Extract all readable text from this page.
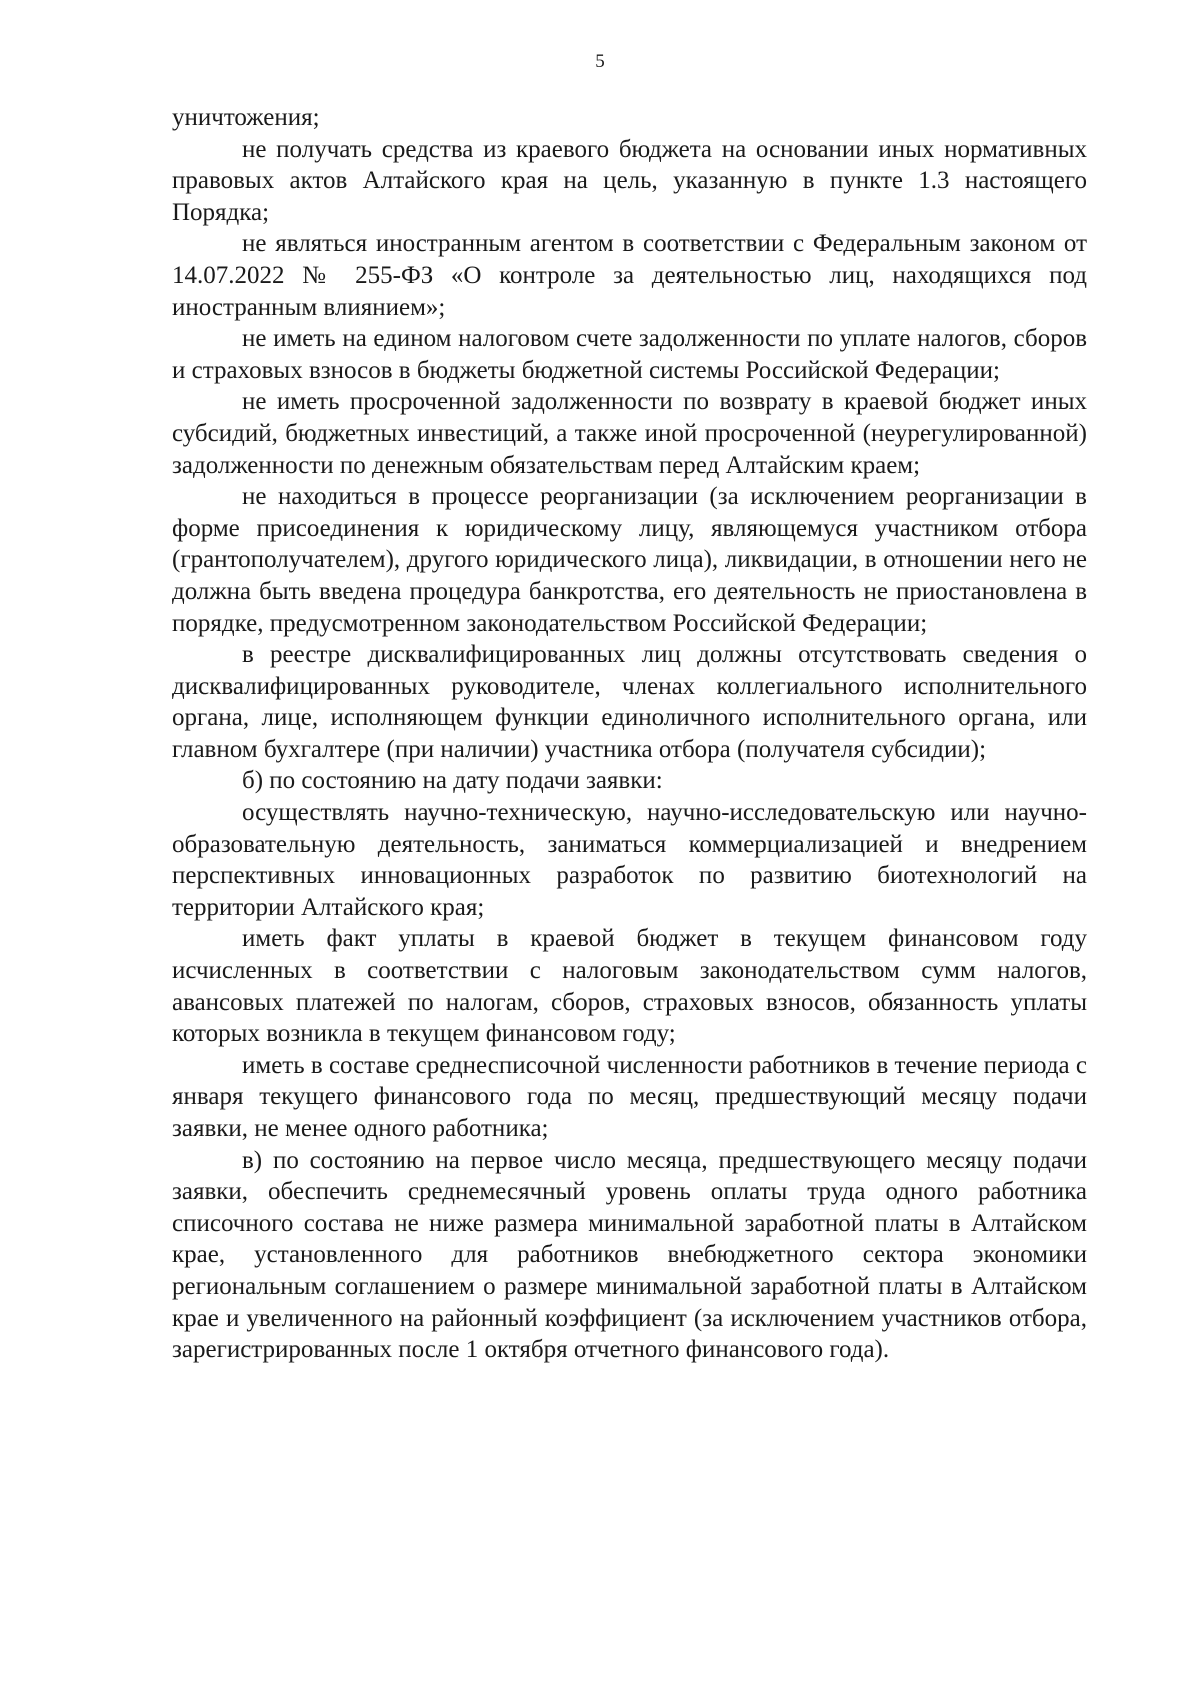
5

уничтожения;

не получать средства из краевого бюджета на основании иных нормативных правовых актов Алтайского края на цель, указанную в пункте 1.3 настоящего Порядка;

не являться иностранным агентом в соответствии с Федеральным законом от 14.07.2022 № 255-ФЗ «О контроле за деятельностью лиц, находящихся под иностранным влиянием»;

не иметь на едином налоговом счете задолженности по уплате налогов, сборов и страховых взносов в бюджеты бюджетной системы Российской Федерации;

не иметь просроченной задолженности по возврату в краевой бюджет иных субсидий, бюджетных инвестиций, а также иной просроченной (неурегулированной) задолженности по денежным обязательствам перед Алтайским краем;

не находиться в процессе реорганизации (за исключением реорганизации в форме присоединения к юридическому лицу, являющемуся участником отбора (грантополучателем), другого юридического лица), ликвидации, в отношении него не должна быть введена процедура банкротства, его деятельность не приостановлена в порядке, предусмотренном законодательством Российской Федерации;

в реестре дисквалифицированных лиц должны отсутствовать сведения о дисквалифицированных руководителе, членах коллегиального исполнительного органа, лице, исполняющем функции единоличного исполнительного органа, или главном бухгалтере (при наличии) участника отбора (получателя субсидии);

б) по состоянию на дату подачи заявки:

осуществлять научно-техническую, научно-исследовательскую или научно-образовательную деятельность, заниматься коммерциализацией и внедрением перспективных инновационных разработок по развитию биотехнологий на территории Алтайского края;

иметь факт уплаты в краевой бюджет в текущем финансовом году исчисленных в соответствии с налоговым законодательством сумм налогов, авансовых платежей по налогам, сборов, страховых взносов, обязанность уплаты которых возникла в текущем финансовом году;

иметь в составе среднесписочной численности работников в течение периода с января текущего финансового года по месяц, предшествующий месяцу подачи заявки, не менее одного работника;

в) по состоянию на первое число месяца, предшествующего месяцу подачи заявки, обеспечить среднемесячный уровень оплаты труда одного работника списочного состава не ниже размера минимальной заработной платы в Алтайском крае, установленного для работников внебюджетного сектора экономики региональным соглашением о размере минимальной заработной платы в Алтайском крае и увеличенного на районный коэффициент (за исключением участников отбора, зарегистрированных после 1 октября отчетного финансового года).
